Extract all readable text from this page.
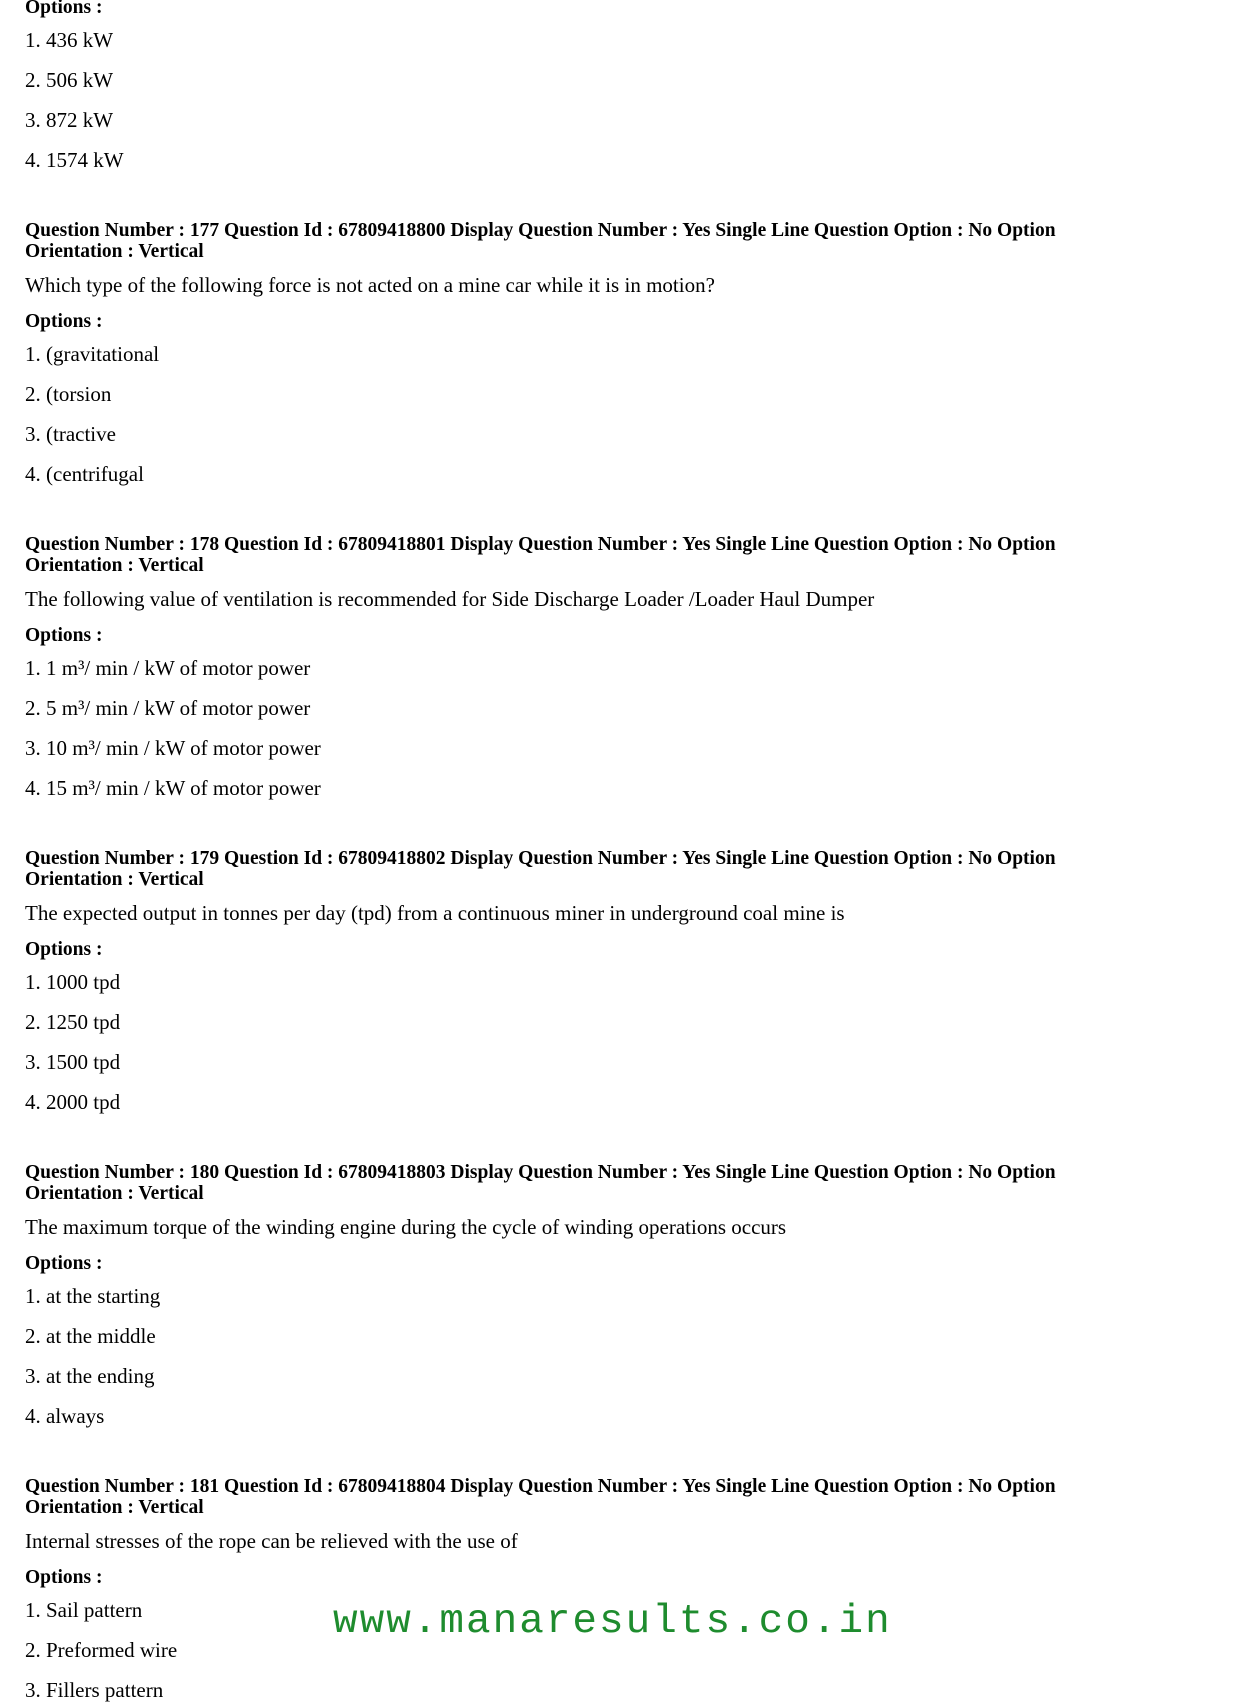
Options :
1. 436 kW
2. 506 kW
3. 872 kW
4. 1574 kW
Question Number : 177 Question Id : 67809418800 Display Question Number : Yes Single Line Question Option : No Option
Orientation : Vertical
Which type of the following force is not acted on a mine car while it is in motion?
Options :
1. (gravitational
2. (torsion
3. (tractive
4. (centrifugal
Question Number : 178 Question Id : 67809418801 Display Question Number : Yes Single Line Question Option : No Option
Orientation : Vertical
The following value of ventilation is recommended for Side Discharge Loader /Loader Haul Dumper
Options :
1. 1 m³/ min / kW of motor power
2. 5 m³/ min / kW of motor power
3. 10 m³/ min / kW of motor power
4. 15 m³/ min / kW of motor power
Question Number : 179 Question Id : 67809418802 Display Question Number : Yes Single Line Question Option : No Option
Orientation : Vertical
The expected output in tonnes per day (tpd) from a continuous miner in underground coal mine is
Options :
1. 1000 tpd
2. 1250 tpd
3. 1500 tpd
4. 2000 tpd
Question Number : 180 Question Id : 67809418803 Display Question Number : Yes Single Line Question Option : No Option
Orientation : Vertical
The maximum torque of the winding engine during the cycle of winding operations occurs
Options :
1. at the starting
2. at the middle
3. at the ending
4. always
Question Number : 181 Question Id : 67809418804 Display Question Number : Yes Single Line Question Option : No Option
Orientation : Vertical
Internal stresses of the rope can be relieved with the use of
Options :
1. Sail pattern
2. Preformed wire
3. Fillers pattern
www.manaresults.co.in
